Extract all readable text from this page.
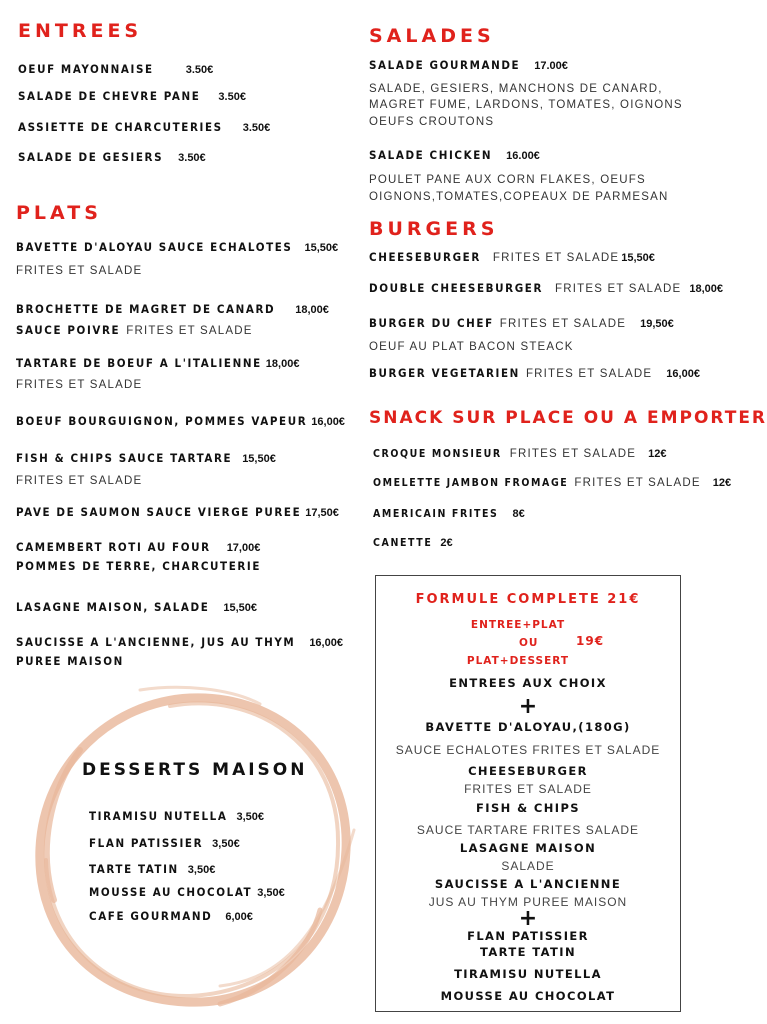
ENTREES
OEUF MAYONNAISE	3.50€
SALADE DE CHEVRE PANE 3.50€
ASSIETTE DE CHARCUTERIES 3.50€
SALADE DE GESIERS 3.50€
PLATS
BAVETTE D'ALOYAU SAUCE ECHALOTES 15,50€
FRITES ET SALADE
BROCHETTE DE MAGRET DE CANARD 18,00€
SAUCE POIVRE FRITES ET SALADE
TARTARE DE BOEUF A L'ITALIENNE 18,00€
FRITES ET SALADE
BOEUF BOURGUIGNON, POMMES VAPEUR 16,00€
FISH & CHIPS SAUCE TARTARE 15,50€
FRITES ET SALADE
PAVE DE SAUMON SAUCE VIERGE PUREE 17,50€
CAMEMBERT ROTI AU FOUR 17,00€
POMMES DE TERRE, CHARCUTERIE
LASAGNE MAISON, SALADE 15,50€
SAUCISSE A L'ANCIENNE, JUS AU THYM 16,00€
PUREE MAISON
DESSERTS MAISON
TIRAMISU NUTELLA 3,50€
FLAN PATISSIER 3,50€
TARTE TATIN 3,50€
MOUSSE AU CHOCOLAT 3,50€
CAFE GOURMAND 6,00€
SALADES
SALADE GOURMANDE 17.00€
SALADE, GESIERS, MANCHONS DE CANARD,
MAGRET FUME, LARDONS, TOMATES, OIGNONS
OEUFS CROUTONS
SALADE CHICKEN 16.00€
POULET PANE AUX CORN FLAKES, OEUFS
OIGNONS,TOMATES,COPEAUX DE PARMESAN
BURGERS
CHEESEBURGER FRITES ET SALADE 15,50€
DOUBLE CHEESEBURGER FRITES ET SALADE 18,00€
BURGER DU CHEF FRITES ET SALADE 19,50€
OEUF AU PLAT BACON STEACK
BURGER VEGETARIEN FRITES ET SALADE 16,00€
SNACK SUR PLACE OU A EMPORTER
CROQUE MONSIEUR FRITES ET SALADE 12€
OMELETTE JAMBON FROMAGE FRITES ET SALADE 12€
AMERICAIN FRITES 8€
CANETTE 2€
FORMULE COMPLETE 21€
ENTREE+PLAT
OU	19€
PLAT+DESSERT
ENTREES AUX CHOIX
+
BAVETTE D'ALOYAU,(180G)
SAUCE ECHALOTES FRITES ET SALADE
CHEESEBURGER
FRITES ET SALADE
FISH & CHIPS
SAUCE TARTARE FRITES SALADE
LASAGNE MAISON
SALADE
SAUCISSE A L'ANCIENNE
JUS AU THYM PUREE MAISON
+
FLAN PATISSIER
TARTE TATIN
TIRAMISU NUTELLA
MOUSSE AU CHOCOLAT
